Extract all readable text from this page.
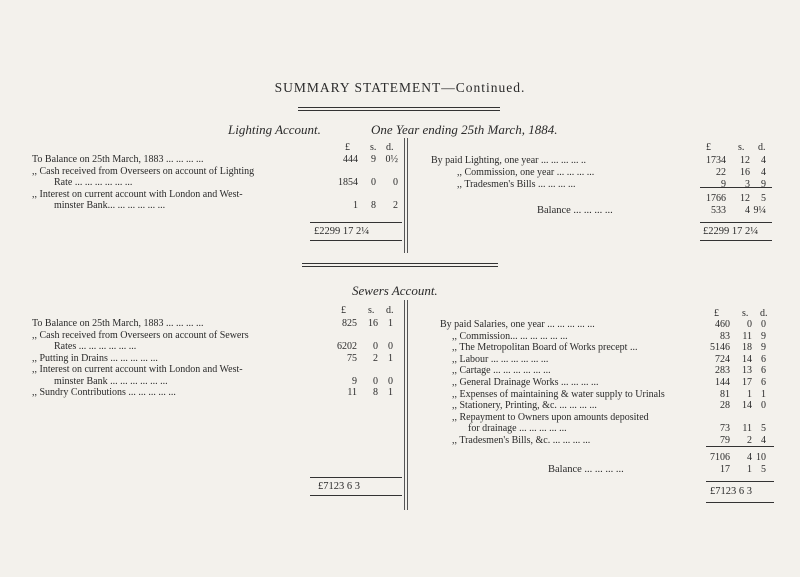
SUMMARY STATEMENT—Continued.
Lighting Account.	One Year ending 25th March, 1884.
£ s. d.	£	s. d.
To Balance on 25th March, 1883 ... ... ... ...	444	9 0½
,, Cash received from Overseers on account of Lighting
Rate ... ... ... ... ... ...	1854	0	0
,, Interest on current account with London and West-
minster Bank... ... ... ... ... ...	1	8	2
By paid Lighting, one year ... ... ... ... ..	1734	12	4
,, Commission, one year ... ... ... ...	22	16	4
,, Tradesmen's Bills ... ... ... ...	9	3	9
1766	12	5
Balance ... ... ... ...	533	4 9¼
£2299 17 2¼	£2299 17 2¼
Sewers Account.
£ s. d.	£ s. d.
To Balance on 25th March, 1883 ... ... ... ...	825	16	1
,, Cash received from Overseers on account of Sewers
Rates ... ... ... ... ... ...	6202	0	0
,, Putting in Drains ... ... ... ... ...	75	2	1
,, Interest on current account with London and West-
minster Bank ... ... ... ... ... ...	9	0	0
,, Sundry Contributions ... ... ... ... ...	11	8	1
By paid Salaries, one year ... ... ... ... ...	460	0 0
,, Commission... ... ... ... ... ...	83	11 9
,, The Metropolitan Board of Works precept ...	5146	18 9
,, Labour ... ... ... ... ... ...	724	14 6
,, Cartage ... ... ... ... ... ...	283	13 6
,, General Drainage Works ... ... ... ...	144	17 6
,, Expenses of maintaining & water supply to Urinals	81	1 1
,, Stationery, Printing, &c. ... ... ... ...	28	14 0
,, Repayment to Owners upon amounts deposited
for drainage ... ... ... ... ...	73	11 5
,, Tradesmen's Bills, &c. ... ... ... ...	79	2 4
7106	4 10
Balance ... ... ... ...	17	1 5
£7123 6 3	£7123 6 3
